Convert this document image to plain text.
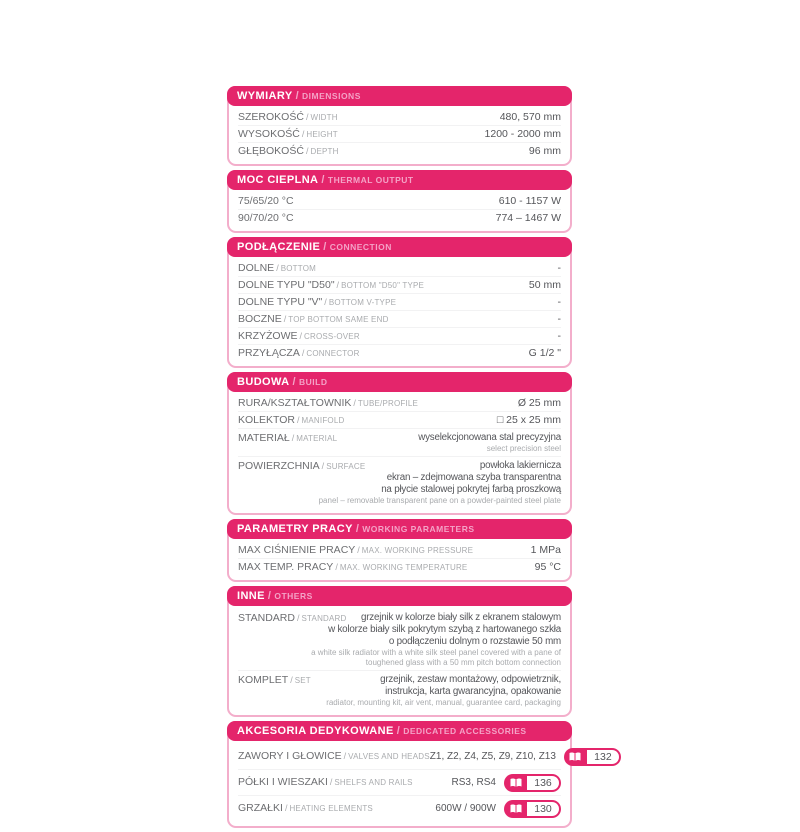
WYMIARY / DIMENSIONS
SZEROKOŚĆ / WIDTH	480, 570 mm
WYSOKOŚĆ / HEIGHT	1200 - 2000 mm
GŁĘBOKOŚĆ / DEPTH	96 mm
MOC CIEPLNA / THERMAL OUTPUT
75/65/20 °C	610 - 1157 W
90/70/20 °C	774 – 1467 W
PODŁĄCZENIE / CONNECTION
DOLNE / BOTTOM	-
DOLNE TYPU "D50" / BOTTOM "D50" TYPE	50 mm
DOLNE TYPU "V" / BOTTOM V-TYPE	-
BOCZNE / TOP BOTTOM SAME END	-
KRZYŻOWE / CROSS-OVER	-
PRZYŁĄCZA / CONNECTOR	G 1/2 "
BUDOWA / BUILD
RURA/KSZTAŁTOWNIK / TUBE/PROFILE	Ø 25 mm
KOLEKTOR / MANIFOLD	□ 25 x 25 mm
MATERIAŁ / MATERIAL	wyselekcjonowana stal precyzyjna
select precision steel
POWIERZCHNIA / SURFACE	powłoka lakiernicza
ekran – zdejmowana szyba transparentna
na płycie stalowej pokrytej farbą proszkową
panel – removable transparent pane on a powder-painted steel plate
PARAMETRY PRACY / WORKING PARAMETERS
MAX CIŚNIENIE PRACY / MAX. WORKING PRESSURE	1 MPa
MAX TEMP. PRACY / MAX. WORKING TEMPERATURE	95 °C
INNE / OTHERS
STANDARD / STANDARD	grzejnik w kolorze biały silk z ekranem stalowym
w kolorze biały silk pokrytym szybą z hartowanego szkła
o podłączeniu dolnym o rozstawie 50 mm
a white silk radiator with a white silk steel panel covered with a pane of
toughened glass with a 50 mm pitch bottom connection
KOMPLET / SET	grzejnik, zestaw montażowy, odpowietrznik,
instrukcja, karta gwarancyjna, opakowanie
radiator, mounting kit, air vent, manual, guarantee card, packaging
AKCESORIA DEDYKOWANE / DEDICATED ACCESSORIES
ZAWORY I GŁOWICE / VALVES AND HEADS Z1, Z2, Z4, Z5, Z9, Z10, Z13	132
PÓŁKI I WIESZAKI / SHELFS AND RAILS	RS3, RS4	136
GRZAŁKI / HEATING ELEMENTS	600W / 900W	130
